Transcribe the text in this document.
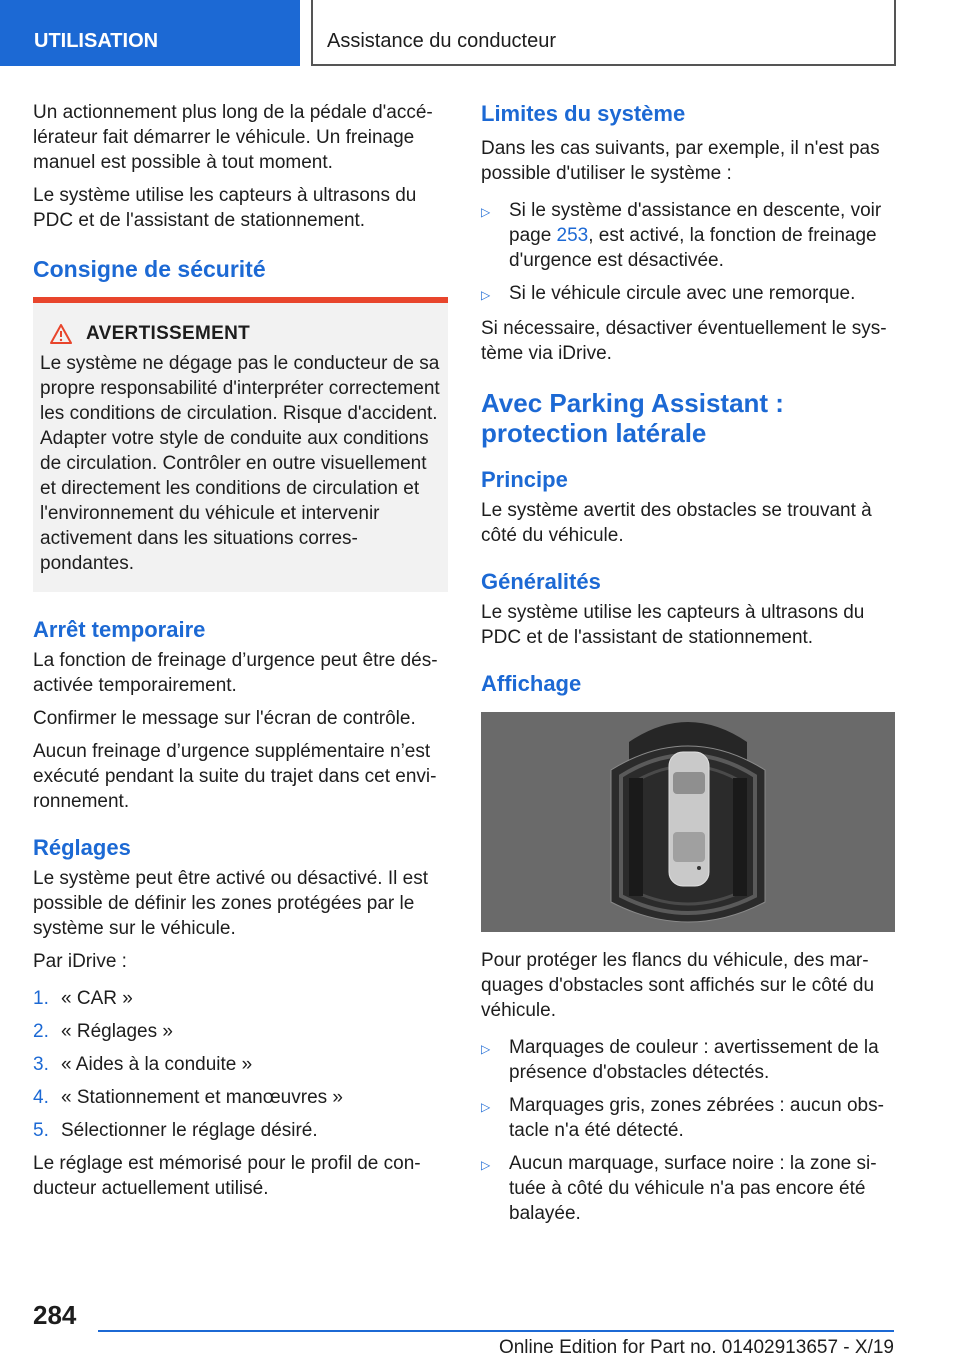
UTILISATION	Assistance du conducteur

Un actionnement plus long de la pédale d'accélérateur fait démarrer le véhicule. Un freinage manuel est possible à tout moment.

Le système utilise les capteurs à ultrasons du PDC et de l'assistant de stationnement.

Consigne de sécurité
AVERTISSEMENT

Le système ne dégage pas le conducteur de sa propre responsabilité d'interpréter correctement les conditions de circulation. Risque d'accident. Adapter votre style de conduite aux conditions de circulation. Contrôler en outre visuellement et directement les conditions de circulation et l'environnement du véhicule et intervenir activement dans les situations correspondantes.

Arrêt temporaire

La fonction de freinage d’urgence peut être désactivée temporairement.

Confirmer le message sur l'écran de contrôle.

Aucun freinage d’urgence supplémentaire n’est exécuté pendant la suite du trajet dans cet environnement.

Réglages

Le système peut être activé ou désactivé. Il est possible de définir les zones protégées par le système sur le véhicule.

Par iDrive :

1. « CAR »
2. « Réglages »
3. « Aides à la conduite »
4. « Stationnement et manœuvres »
5. Sélectionner le réglage désiré.

Le réglage est mémorisé pour le profil de conducteur actuellement utilisé.

Limites du système

Dans les cas suivants, par exemple, il n'est pas possible d'utiliser le système :

▷ Si le système d'assistance en descente, voir page 253, est activé, la fonction de freinage d'urgence est désactivée.
▷ Si le véhicule circule avec une remorque.

Si nécessaire, désactiver éventuellement le système via iDrive.

Avec Parking Assistant : protection latérale
Principe

Le système avertit des obstacles se trouvant à côté du véhicule.

Généralités

Le système utilise les capteurs à ultrasons du PDC et de l'assistant de stationnement.

Affichage

Pour protéger les flancs du véhicule, des marquages d'obstacles sont affichés sur le côté du véhicule.

▷ Marquages de couleur : avertissement de la présence d'obstacles détectés.
▷ Marquages gris, zones zébrées : aucun obstacle n'a été détecté.
▷ Aucun marquage, surface noire : la zone située à côté du véhicule n'a pas encore été balayée.
284
Online Edition for Part no. 01402913657 - X/19
